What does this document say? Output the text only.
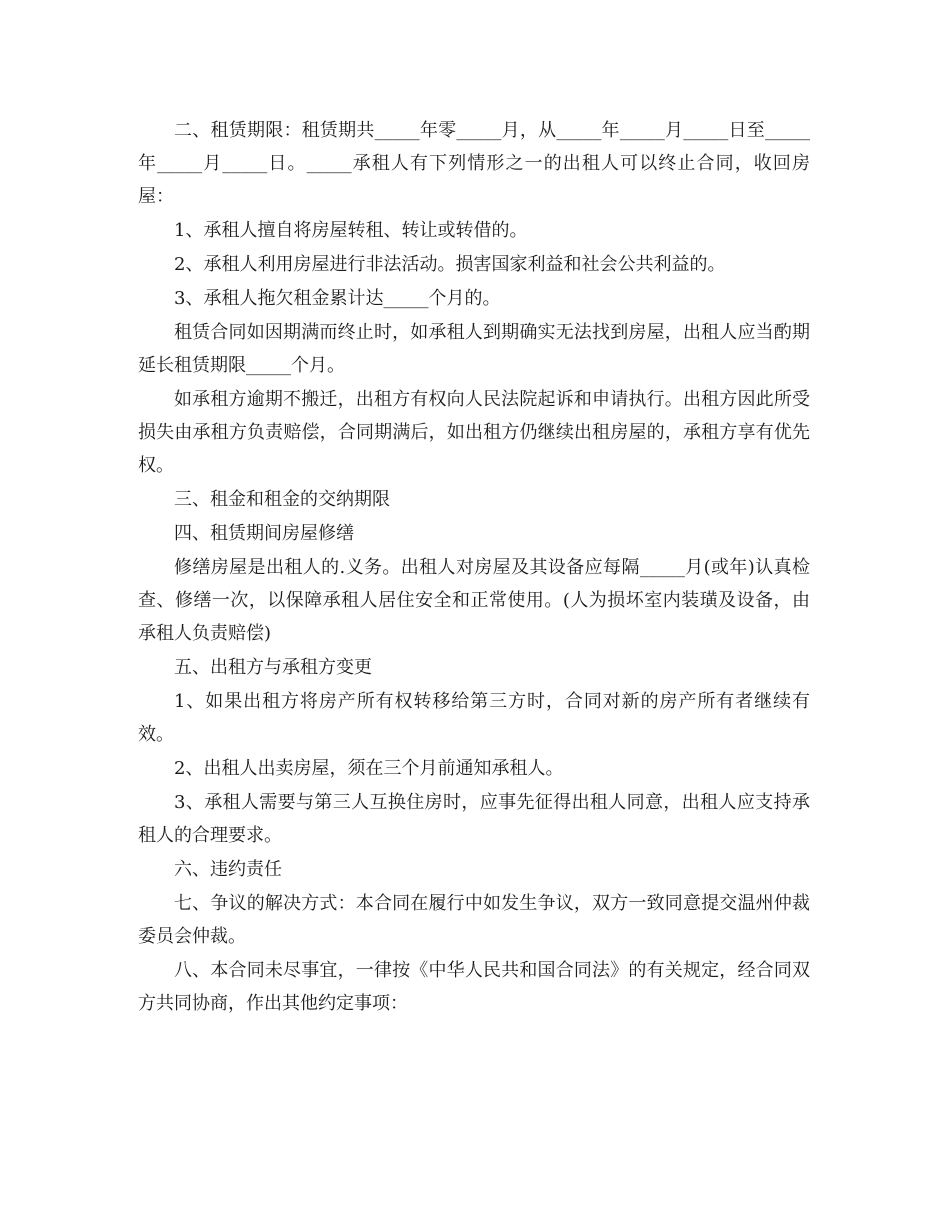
二、租赁期限：租赁期共_____年零_____月，从_____年_____月_____日至_____年_____月_____日。_____承租人有下列情形之一的出租人可以终止合同，收回房屋：

1、承租人擅自将房屋转租、转让或转借的。

2、承租人利用房屋进行非法活动。损害国家利益和社会公共利益的。

3、承租人拖欠租金累计达_____个月的。

租赁合同如因期满而终止时，如承租人到期确实无法找到房屋，出租人应当酌期延长租赁期限_____个月。

如承租方逾期不搬迁，出租方有权向人民法院起诉和申请执行。出租方因此所受损失由承租方负责赔偿，合同期满后，如出租方仍继续出租房屋的，承租方享有优先权。

三、租金和租金的交纳期限

四、租赁期间房屋修缮

修缮房屋是出租人的.义务。出租人对房屋及其设备应每隔_____月(或年)认真检查、修缮一次，以保障承租人居住安全和正常使用。(人为损坏室内装璜及设备，由承租人负责赔偿)

五、出租方与承租方变更

1、如果出租方将房产所有权转移给第三方时，合同对新的房产所有者继续有效。

2、出租人出卖房屋，须在三个月前通知承租人。

3、承租人需要与第三人互换住房时，应事先征得出租人同意，出租人应支持承租人的合理要求。

六、违约责任

七、争议的解决方式：本合同在履行中如发生争议，双方一致同意提交温州仲裁委员会仲裁。

八、本合同未尽事宜，一律按《中华人民共和国合同法》的有关规定，经合同双方共同协商，作出其他约定事项：
